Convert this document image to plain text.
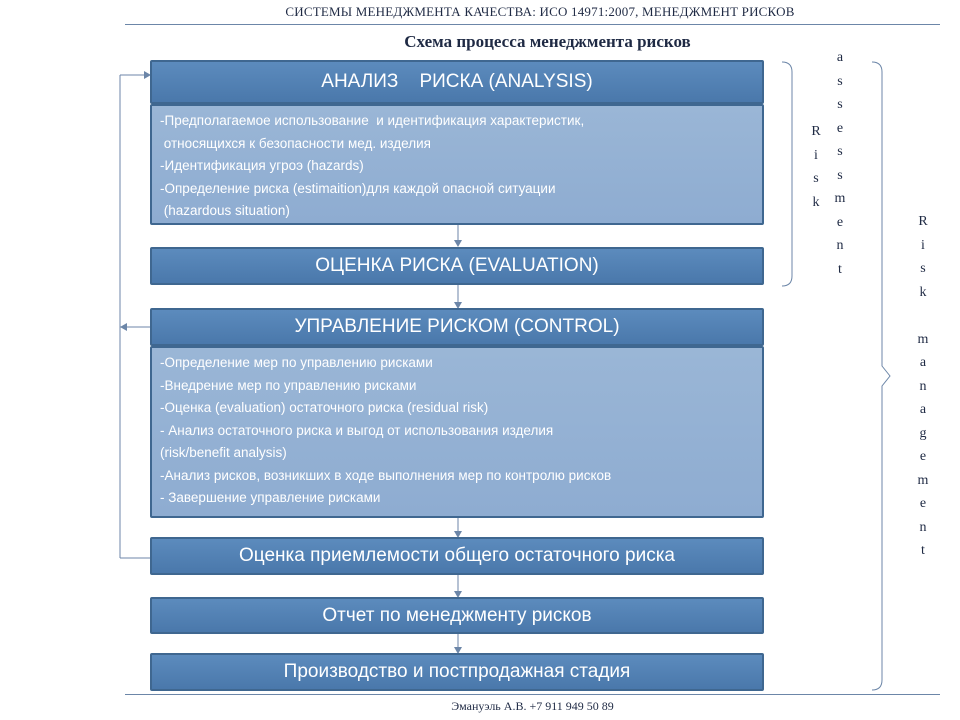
СИСТЕМЫ МЕНЕДЖМЕНТА КАЧЕСТВА: ИСО 14971:2007, МЕНЕДЖМЕНТ РИСКОВ
Схема процесса менеджмента рисков
АНАЛИЗ    РИСКА (ANALYSIS)
-Предполагаемое использование  и идентификация характеристик,
относящихся к безопасности мед. изделия
-Идентификация угроэ (hazards)
-Определение риска (estimaition)для каждой опасной ситуации
(hazardous situation)
ОЦЕНКА РИСКА (EVALUATION)
УПРАВЛЕНИЕ РИСКОМ (CONTROL)
-Определение мер по управлению рисками
-Внедрение мер по управлению рисками
-Оценка (evaluation) остаточного риска (residual risk)
- Анализ остаточного риска и выгод от использования изделия
(risk/benefit analysis)
-Анализ рисков, возникших в ходе выполнения мер по контролю рисков
- Завершение управление рисками
Оценка приемлемости общего остаточного риска
Отчет по менеджменту рисков
Производство и постпродажная стадия
R
i
s
k
a
s
s
e
s
s
m
e
n
t
R
i
s
k
m
a
n
a
g
e
m
e
n
t
Эмануэль А.В. +7 911 949 50 89
